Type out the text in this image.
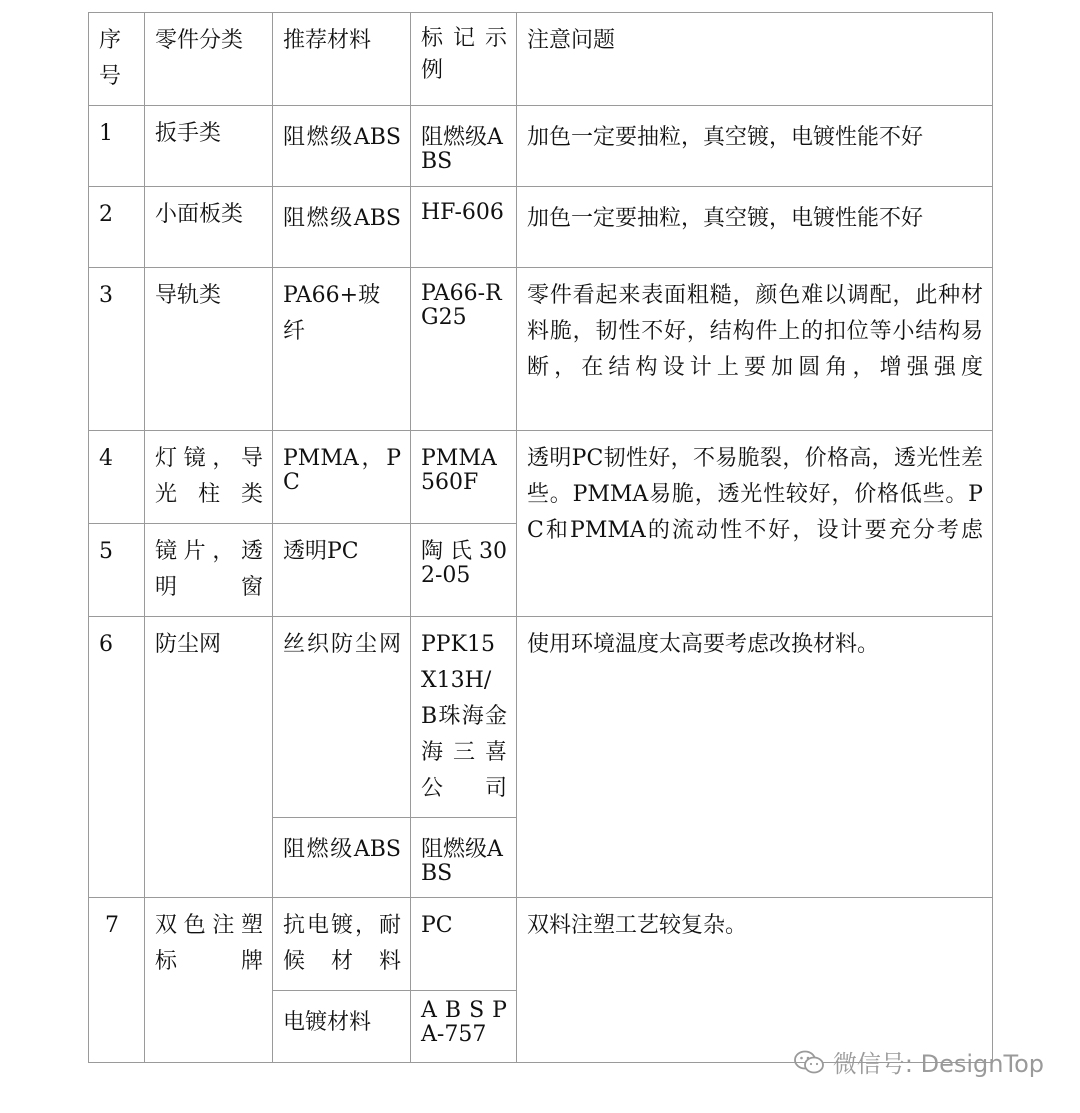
序号	零件分类	推荐材料	标记示例	注意问题
1	扳手类	阻燃级ABS	阻燃级ABS	加色一定要抽粒，真空镀，电镀性能不好
2	小面板类	阻燃级ABS	HF-606	加色一定要抽粒，真空镀，电镀性能不好
3	导轨类	PA66+玻纤	PA66-RG25	零件看起来表面粗糙，颜色难以调配，此种材料脆，韧性不好，结构件上的扣位等小结构易断，在结构设计上要加圆角，增强强度
4	灯镜，导光柱类	PMMA，PC	PMMA 560F	透明PC韧性好，不易脆裂，价格高，透光性差些。PMMA易脆，透光性较好，价格低些。PC和PMMA的流动性不好，设计要充分考虑
5	镜片，透明窗	透明PC	陶 氏 302-05	
6	防尘网	丝织防尘网	PPK15X13H/B珠海金海三喜公司	使用环境温度太高要考虑改换材料。
		阻燃级ABS	阻燃级ABS	
7	双色注塑标牌	抗电镀，耐候材料	PC	双料注塑工艺较复杂。
		电镀材料	A B S PA-757	
微信号: DesignTop
